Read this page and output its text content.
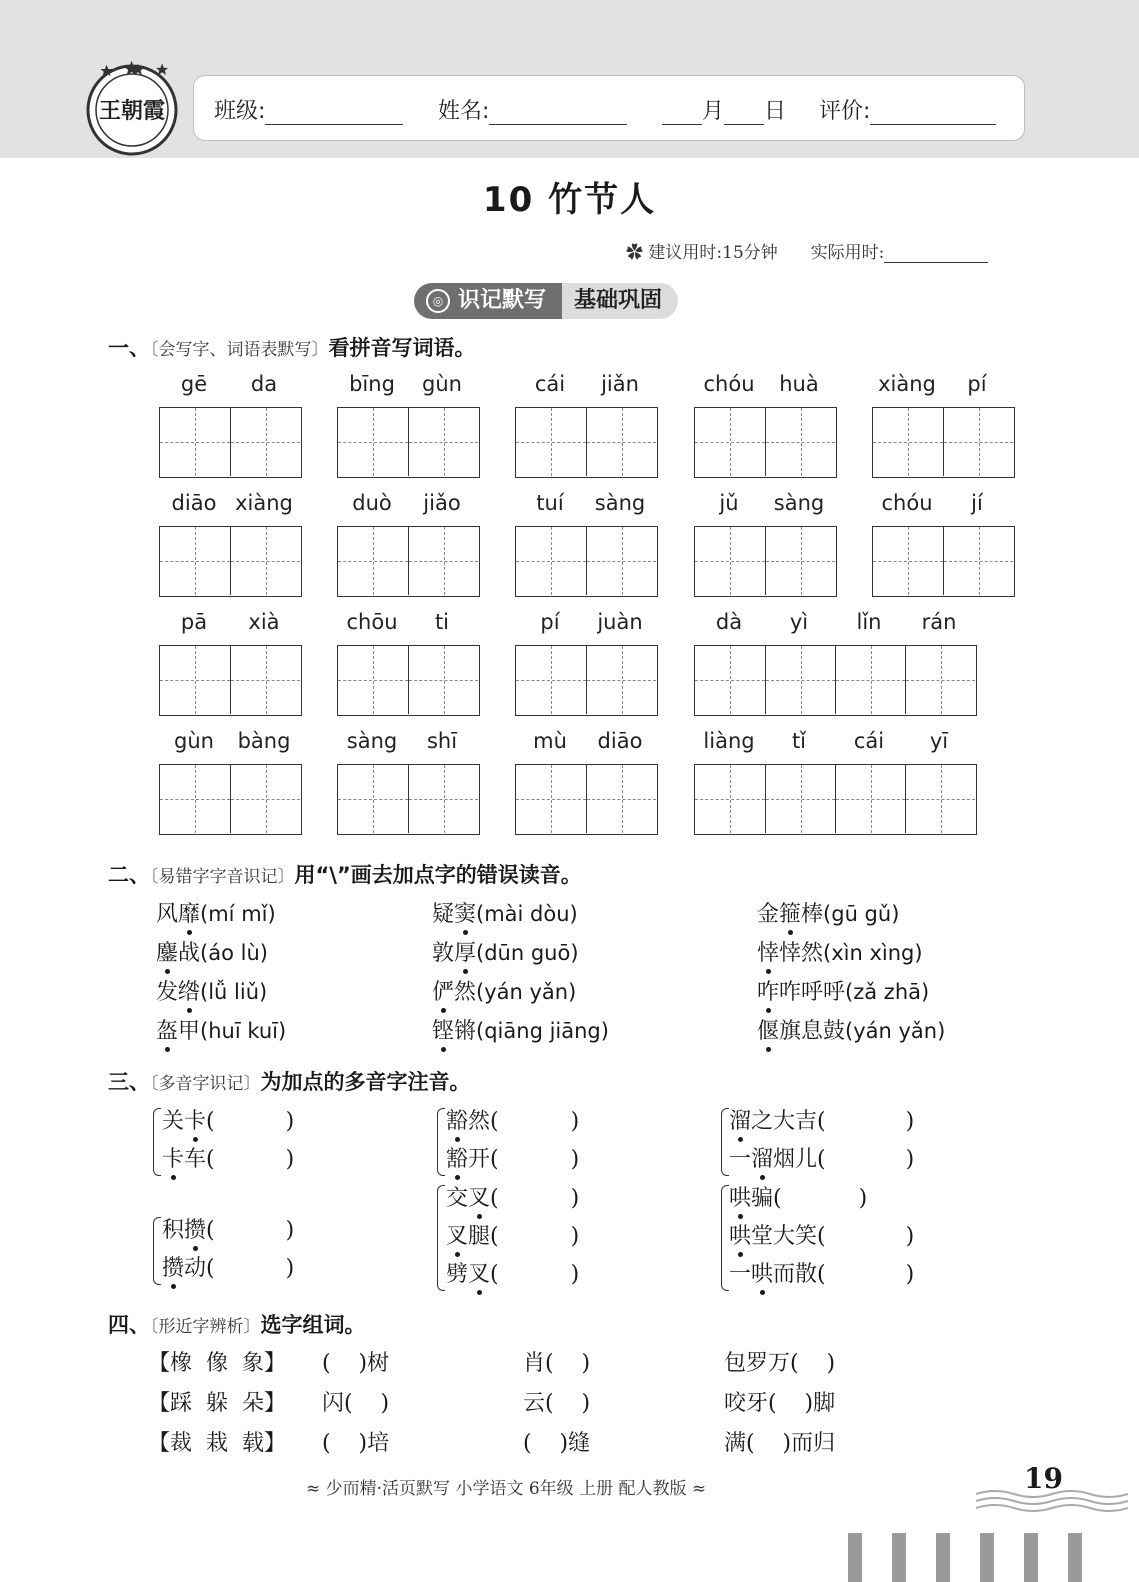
王朝霞 班级:	姓名:	月 日 评价:
10 竹节人
✿ 建议用时:15分钟 实际用时:
◎ 识记默写	基础巩固
一、〔会写字、词语表默写〕看拼音写词语。
gē	da	bīng	gùn	cái	jiǎn	chóu	huà	xiàng	pí
diāo xiàng	duò	jiǎo	tuí	sàng	jǔ	sàng	chóu	jí
pā	xià	chōu	ti	pí	juàn	dà	yì	lǐn	rán
gùn	bàng	sàng	shī	mù	diāo	liàng	tǐ	cái	yī
二、〔易错字字音识记〕用“\”画去加点字的错误读音。
风靡(mí mǐ)	疑窦(mài dòu)	金箍棒(gū gǔ)
鏖战(áo lù)	敦厚(dūn guō)	悻悻然(xìn xìng)
发绺(lǚ liǔ)	俨然(yán yǎn)	咋咋呼呼(zǎ zhā)
盔甲(huī kuī)	铿锵(qiāng jiāng)	偃旗息鼓(yán yǎn)
三、〔多音字识记〕为加点的多音字注音。
关卡(	)
卡车(	)
豁然(	)
豁开(	)
溜之大吉(	)
一溜烟儿(	)
交叉(	)
叉腿(	)
劈叉(	)
哄骗(	)
哄堂大笑(	)
一哄而散(	)
积攒(	)
攒动(	)
四、〔形近字辨析〕选字组词。
【橡  像  象】 (    )树	肖(    )	包罗万(    )
【踩  躲  朵】 闪(    )	云(    )	咬牙(    )脚
【裁  栽  载】 (    )培	(    )缝	满(    )而归
≈ 少而精·活页默写 小学语文 6年级 上册 配人教版 ≈	19
